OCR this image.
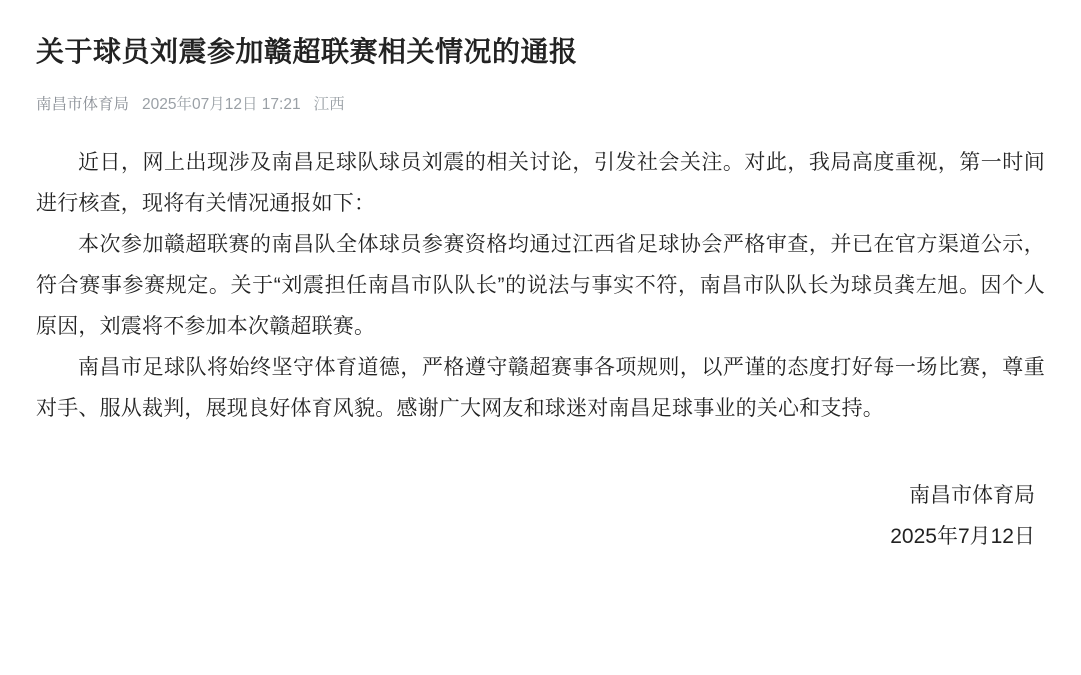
关于球员刘震参加赣超联赛相关情况的通报
南昌市体育局 2025年07月12日 17:21 江西

近日，网上出现涉及南昌足球队球员刘震的相关讨论，引发社会关注。对此，我局高度重视，第一时间进行核查，现将有关情况通报如下：

本次参加赣超联赛的南昌队全体球员参赛资格均通过江西省足球协会严格审查，并已在官方渠道公示，符合赛事参赛规定。关于“刘震担任南昌市队队长”的说法与事实不符，南昌市队队长为球员龚左旭。因个人原因，刘震将不参加本次赣超联赛。

南昌市足球队将始终坚守体育道德，严格遵守赣超赛事各项规则，以严谨的态度打好每一场比赛，尊重对手、服从裁判，展现良好体育风貌。感谢广大网友和球迷对南昌足球事业的关心和支持。

南昌市体育局
2025年7月12日
